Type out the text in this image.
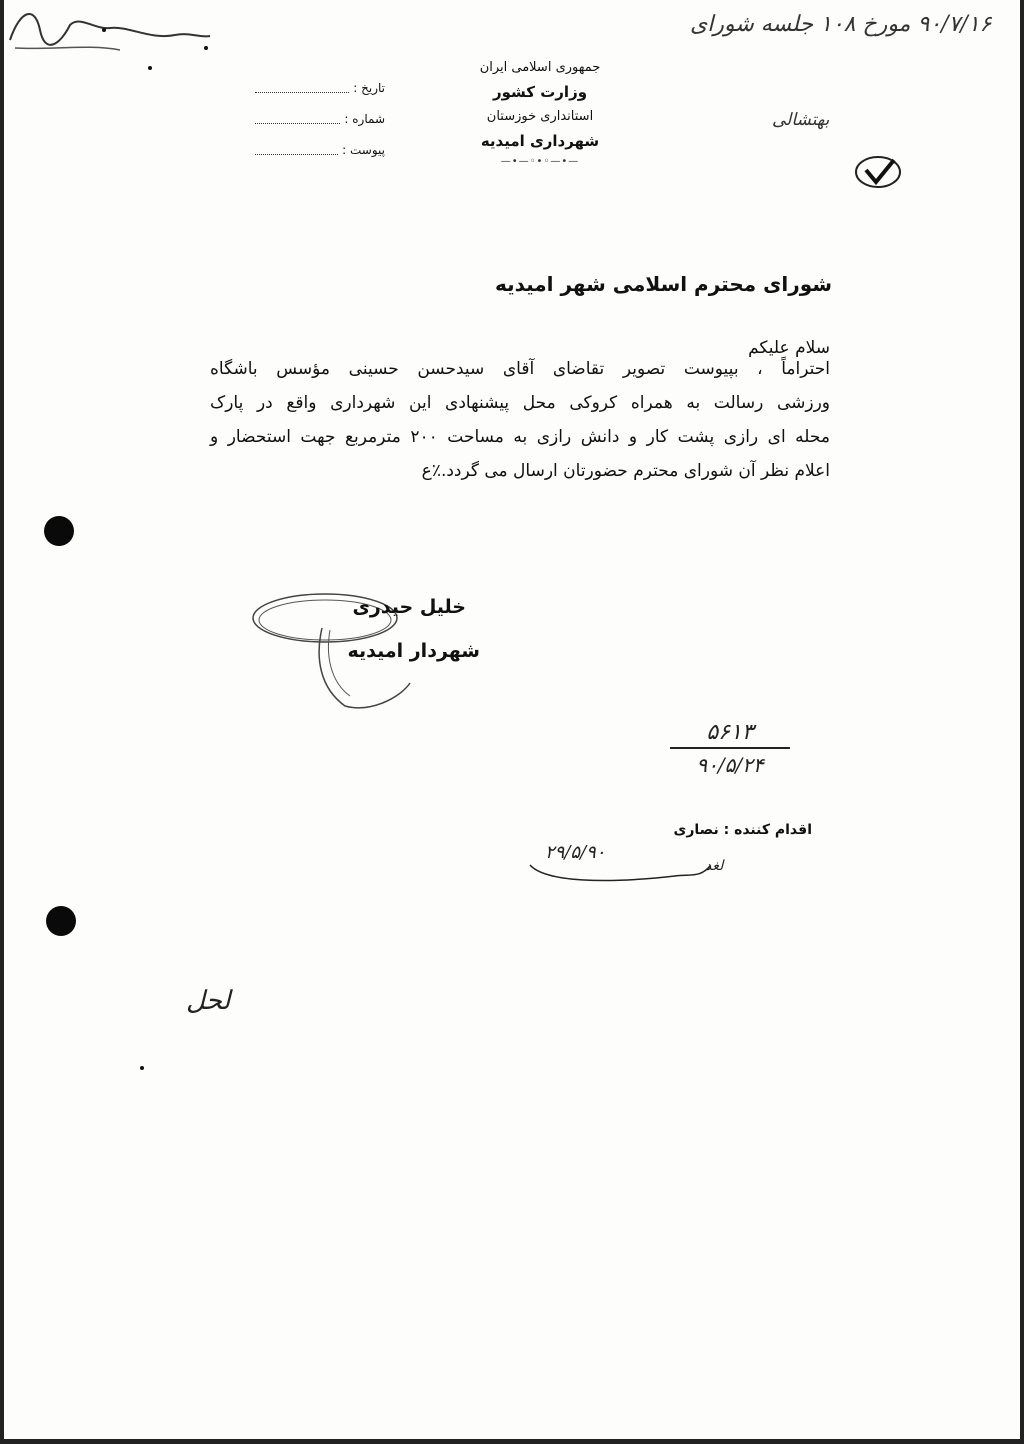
جمهوری اسلامی ایران
وزارت کشور
استانداری خوزستان
شهرداری امیدیه
—•—◦•◦—•—
تاریخ :
شماره :
پیوست :
۹۰/۷/۱۶ مورخ ۱۰۸ جلسه شورای
بهتشالی
شورای محترم اسلامی شهر امیدیه
سلام علیکم
احتراماً ، بپیوست تصویر تقاضای آقای سیدحسن حسینی مؤسس باشگاه
ورزشی رسالت به همراه کروکی محل پیشنهادی این شهرداری واقع در پارک
محله ای رازی پشت کار و دانش رازی به مساحت ۲۰۰ مترمربع جهت استحضار و
اعلام نظر آن شورای محترم حضورتان ارسال می گردد.٪ع
خلیل حیدری
شهردار امیدیه
۵۶۱۳
۹۰/۵/۲۴
اقدام کننده : نصاری
۲۹/۵/۹۰
لغد
لحل
